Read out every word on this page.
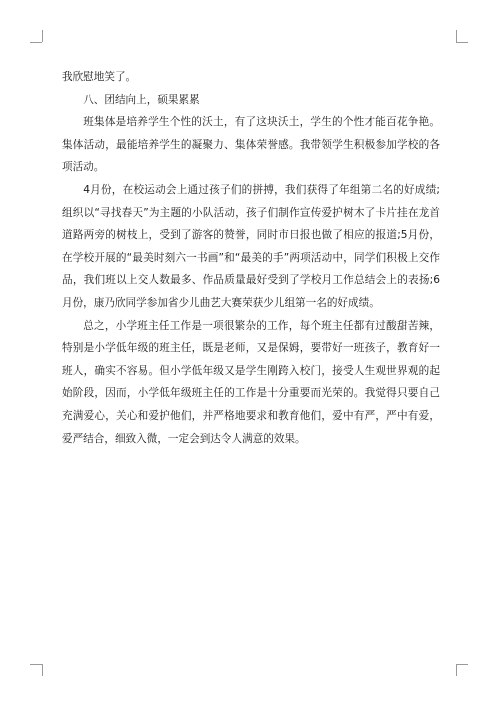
我欣慰地笑了。

八、团结向上，硕果累累

班集体是培养学生个性的沃土，有了这块沃土，学生的个性才能百花争艳。集体活动，最能培养学生的凝聚力、集体荣誉感。我带领学生积极参加学校的各项活动。

4月份，在校运动会上通过孩子们的拼搏，我们获得了年组第二名的好成绩;组织以“寻找春天”为主题的小队活动，孩子们制作宣传爱护树木了卡片挂在龙首道路两旁的树枝上，受到了游客的赞誉，同时市日报也做了相应的报道;5月份，在学校开展的“最美时刻六一书画”和“最美的手”两项活动中，同学们积极上交作品，我们班以上交人数最多、作品质量最好受到了学校月工作总结会上的表扬;6月份，康乃欣同学参加省少儿曲艺大赛荣获少儿组第一名的好成绩。

总之，小学班主任工作是一项很繁杂的工作，每个班主任都有过酸甜苦辣，特别是小学低年级的班主任，既是老师，又是保姆，要带好一班孩子，教育好一班人，确实不容易。但小学低年级又是学生刚跨入校门，接受人生观世界观的起始阶段，因而，小学低年级班主任的工作是十分重要而光荣的。我觉得只要自己充满爱心，关心和爱护他们，并严格地要求和教育他们，爱中有严，严中有爱，爱严结合，细致入微，一定会到达令人满意的效果。
